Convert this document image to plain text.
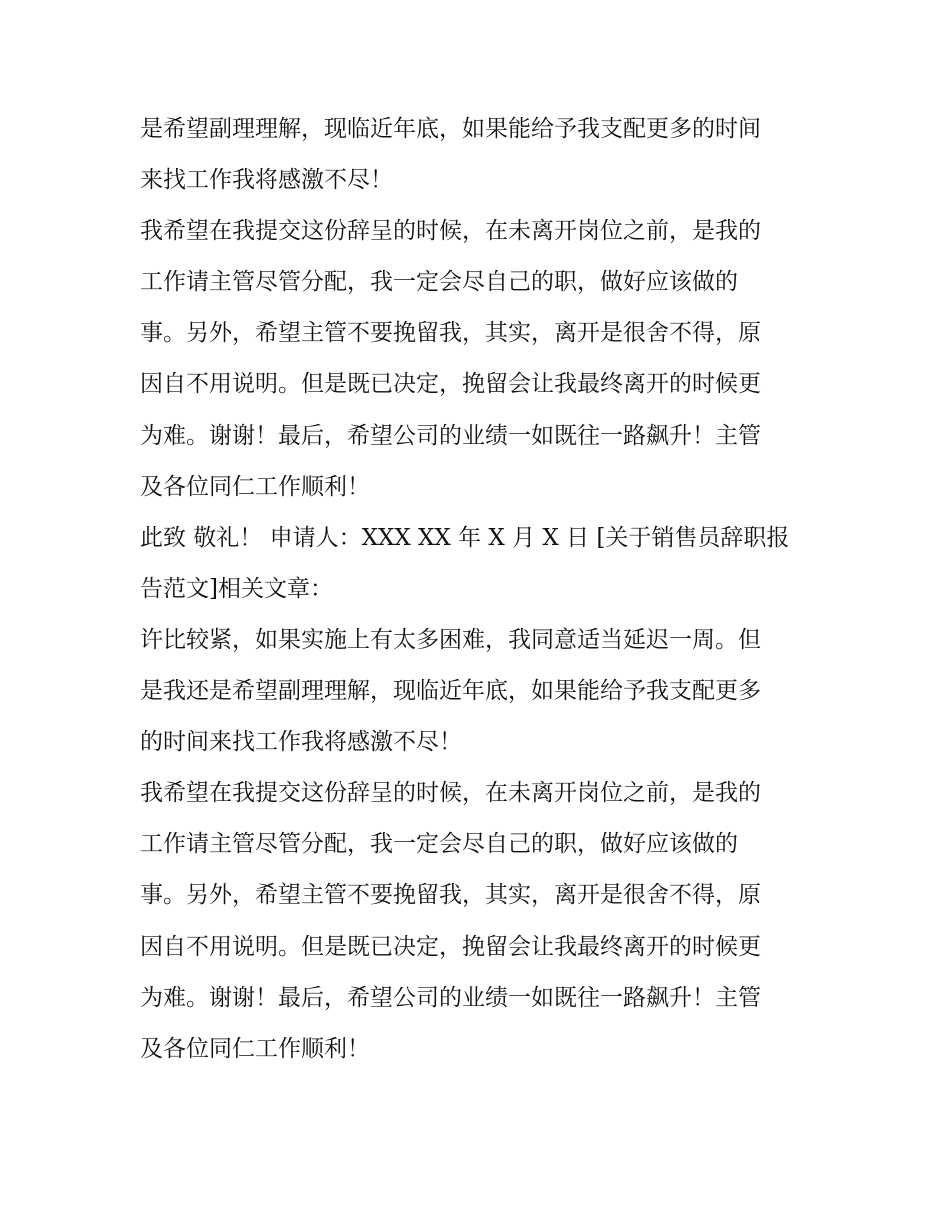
是希望副理理解，现临近年底，如果能给予我支配更多的时间
来找工作我将感激不尽！
我希望在我提交这份辞呈的时候，在未离开岗位之前，是我的
工作请主管尽管分配，我一定会尽自己的职，做好应该做的
事。另外，希望主管不要挽留我，其实，离开是很舍不得，原
因自不用说明。但是既已决定，挽留会让我最终离开的时候更
为难。谢谢！最后，希望公司的业绩一如既往一路飙升！主管
及各位同仁工作顺利！
此致 敬礼！ 申请人：XXX XX 年 X 月 X 日 [关于销售员辞职报
告范文]相关文章：
许比较紧，如果实施上有太多困难，我同意适当延迟一周。但
是我还是希望副理理解，现临近年底，如果能给予我支配更多
的时间来找工作我将感激不尽！
我希望在我提交这份辞呈的时候，在未离开岗位之前，是我的
工作请主管尽管分配，我一定会尽自己的职，做好应该做的
事。另外，希望主管不要挽留我，其实，离开是很舍不得，原
因自不用说明。但是既已决定，挽留会让我最终离开的时候更
为难。谢谢！最后，希望公司的业绩一如既往一路飙升！主管
及各位同仁工作顺利！
